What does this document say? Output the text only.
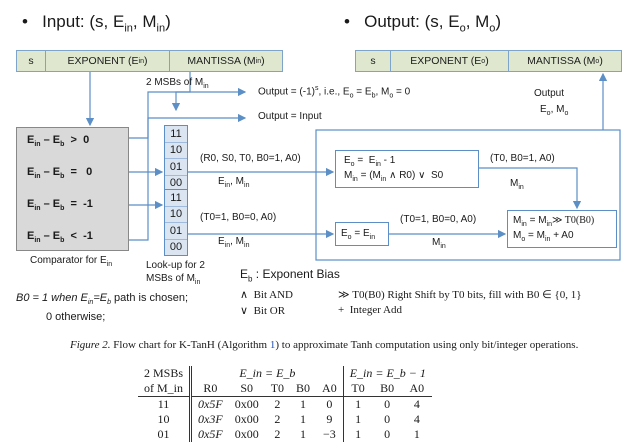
• Input: (s, $E_{in}$, $M_{in}$)	• Output: (s, $E_o$, $M_o$)
s	EXPONENT (E in )	MANTISSA (M in )	s	EXPONENT (E o )	MANTISSA (M o )
2 MSBs of $M_{in}$	Output = $(-1)^s$, i.e., $E_o = E_b$, $M_o = 0$
Output = Input
Output
$E_o$, $M_o$
(R0, S0, T0, B0=1, A0)
$E_{in}$, $M_{in}$
(T0=1, B0=0, A0)
$E_{in}$, $M_{in}$
(T0=1, B0=0, A0)
$M_{in}$
(T0, B0=1, A0)
$M_{in}$
$E_{in} - E_b > 0$
$E_{in} - E_b = 0$
$E_{in} - E_b = -1$
$E_{in} - E_b < -1$
Comparator for $E_{in}$
11
10
01
00
11
10
01
00
Look-up for 2
MSBs of $M_{in}$
$E_o = E_{in} - 1$
$M_{in} = (M_{in}$ ∧ R0) ∨  S0
$E_o = E_{in}$
$M_{in}$ = $M_{in}≫$ T0(B0)
$M_o = M_{in} + A0$
$E_b$ : Exponent Bias
∧ Bit AND
∨ Bit OR
≫ T0(B0) Right Shift by T0 bits, fill with B0 ∈ {0, 1}
+ Integer Add
B0 = 1 when $E_{in}=E_b$ path is chosen;
0 otherwise;
Figure 2. Flow chart for K-TanH (Algorithm 1) to approximate Tanh computation using only bit/integer operations.
2 MSBs	E_in = E_b					E_in = E_b − 1		
of M_in	R0	S0	T0	B0	A0	T0	B0	A0
11	0x5F	0x00	2	1	0	1	0	4
10	0x3F	0x00	2	1	9	1	0	4
01	0x5F	0x00	2	1	−3	1	0	1
